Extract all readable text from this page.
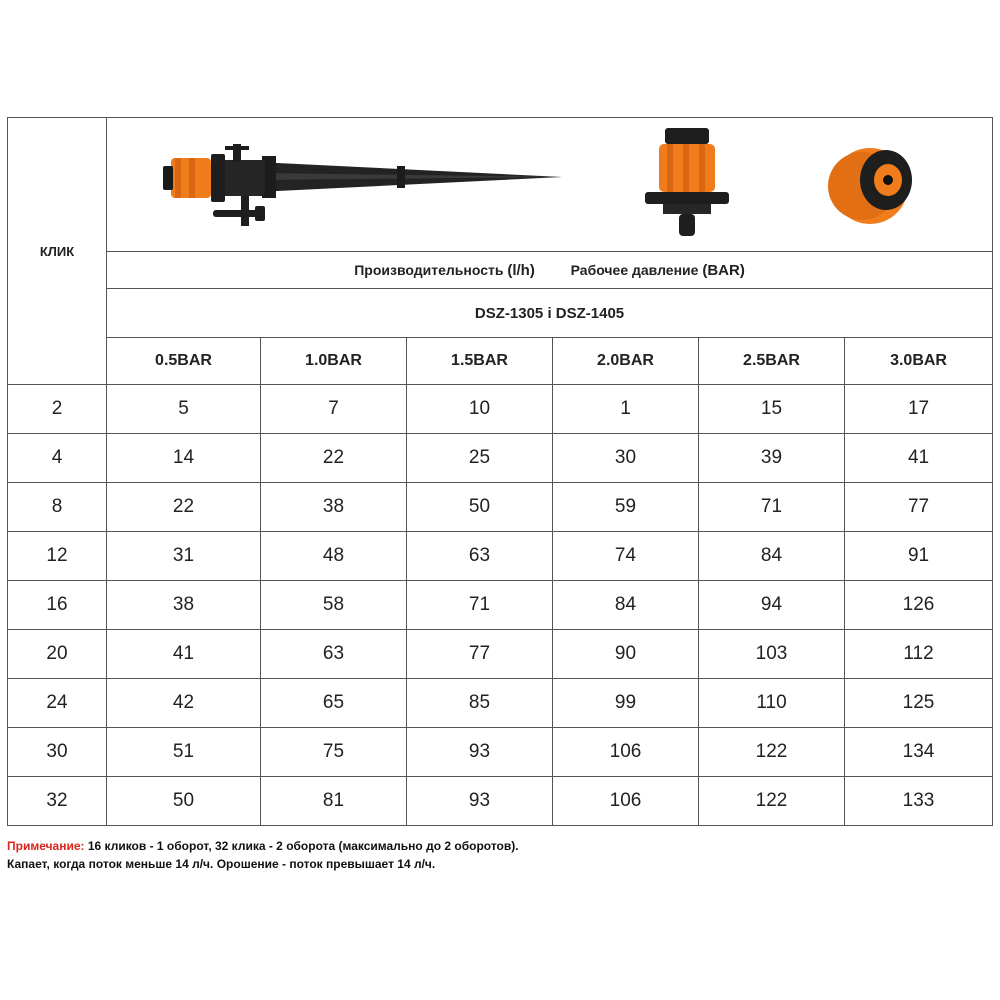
КЛИК	

	Производительность (l/h) Рабочее давление (BAR)					
	DSZ-1305 i DSZ-1405					
	0.5BAR	1.0BAR	1.5BAR	2.0BAR	2.5BAR	3.0BAR
2	5	7	10	1	15	17
4	14	22	25	30	39	41
8	22	38	50	59	71	77
12	31	48	63	74	84	91
16	38	58	71	84	94	126
20	41	63	77	90	103	112
24	42	65	85	99	110	125
30	51	75	93	106	122	134
32	50	81	93	106	122	133
Примечание: 16 кликов - 1 оборот, 32 клика - 2 оборота (максимально до 2 оборотов).
Капает, когда поток меньше 14 л/ч. Орошение - поток превышает 14 л/ч.
